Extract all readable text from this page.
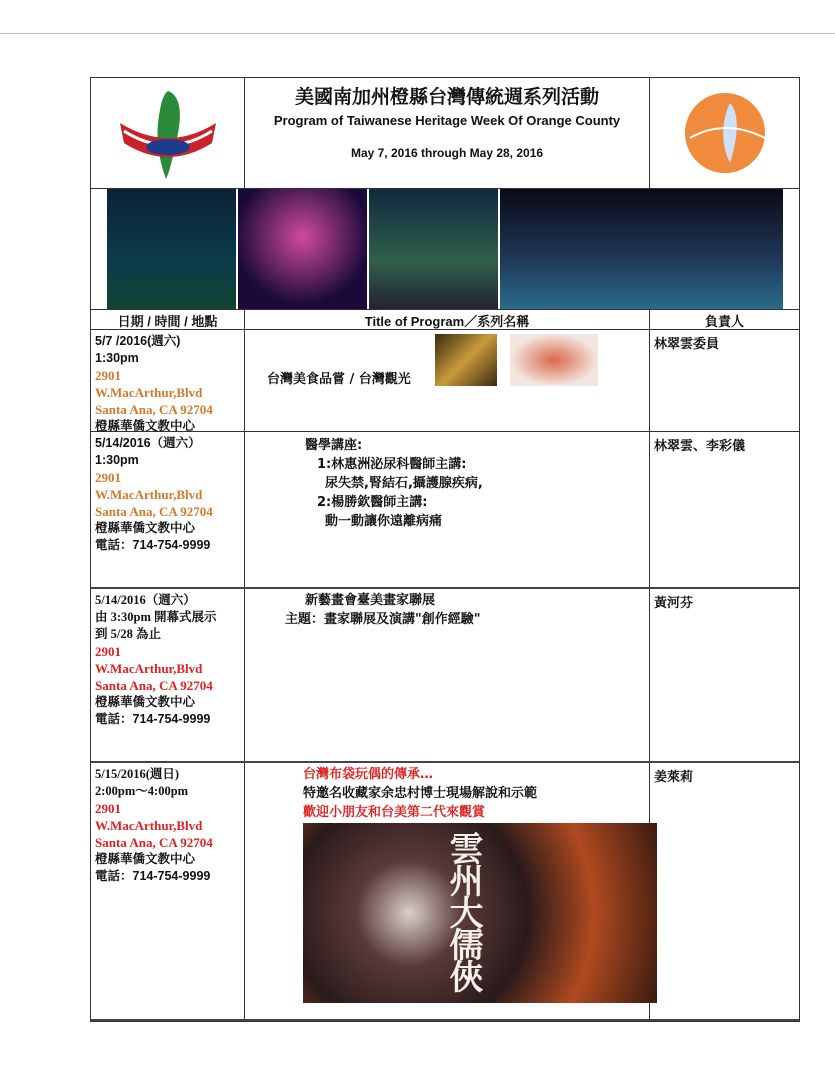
美國南加州橙縣台灣傳統週系列活動
Program of Taiwanese Heritage Week Of Orange County
May 7, 2016 through May 28, 2016
日期 / 時間 / 地點	Title of Program／系列名稱	負責人
5/7 /2016(週六)
1:30pm
2901
W.MacArthur,Blvd
Santa Ana, CA 92704
橙縣華僑文教中心
台灣美食品嘗 / 台灣觀光
林翠雲委員
5/14/2016（週六）
1:30pm
2901
W.MacArthur,Blvd
Santa Ana, CA 92704
橙縣華僑文教中心
電話：714-754-9999
醫學講座:
1:林惠洲泌尿科醫師主講:
尿失禁,腎結石,攝護腺疾病,
2:楊勝欽醫師主講:
動一動讓你遠離病痛
林翠雲、李彩儀
5/14/2016（週六）
由 3:30pm 開幕式展示
到 5/28 為止
2901
W.MacArthur,Blvd
Santa Ana, CA 92704
橙縣華僑文教中心
電話：714-754-9999
新藝畫會臺美畫家聯展
主題：畫家聯展及演講"創作經驗"
黃河芬
5/15/2016(週日)
2:00pm～4:00pm
2901
W.MacArthur,Blvd
Santa Ana, CA 92704
橙縣華僑文教中心
電話：714-754-9999
台灣布袋玩偶的傳承…
特邀名收藏家余忠村博士現場解說和示範
歡迎小朋友和台美第二代來觀賞
雲州大儒俠
姜萊莉
